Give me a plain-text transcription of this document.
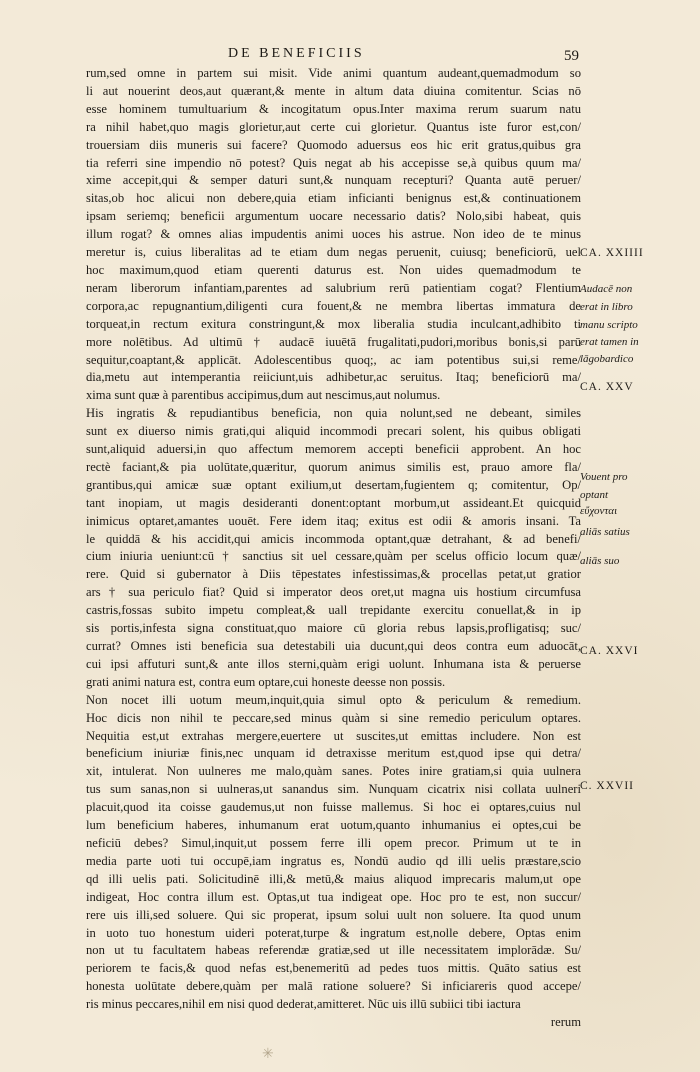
DE BENEFICIIS	59
rum,sed omne in partem sui misit. Vide animi quantum audeant,quemadmodum so
li aut nouerint deos,aut quærant,& mente in altum data diuina comitentur. Scias nō
esse hominem tumultuarium & incogitatum opus.Inter maxima rerum suarum natu
ra nihil habet,quo magis glorietur,aut certe cui glorietur. Quantus iste furor est,con/
trouersiam diis muneris sui facere? Quomodo aduersus eos hic erit gratus,quibus gra
tia referri sine impendio nō potest? Quis negat ab his accepisse se,à quibus quum ma/
xime accepit,qui & semper daturi sunt,& nunquam recepturi? Quanta autē peruer/
sitas,ob hoc alicui non debere,quia etiam inficianti benignus est,& continuationem
ipsam seriemq; beneficii argumentum uocare necessario datis? Nolo,sibi habeat, quis
illum rogat? & omnes alias impudentis animi uoces his astrue. Non ideo de te minus
meretur is, cuius liberalitas ad te etiam dum negas peruenit, cuiusq; beneficiorū, uel
hoc maximum,quod etiam querenti daturus est. Non uides quemadmodum te
neram liberorum infantiam,parentes ad salubrium rerū patientiam cogat? Flentium
corpora,ac repugnantium,diligenti cura fouent,& ne membra libertas immatura de
torqueat,in rectum exitura constringunt,& mox liberalia studia inculcant,adhibito ti
more nolētibus. Ad ultimū † audacē iuuētā frugalitati,pudori,moribus bonis,si parū
sequitur,coaptant,& applicāt. Adolescentibus quoq;, ac iam potentibus sui,si reme/
dia,metu aut intemperantia reiiciunt,uis adhibetur,ac seruitus. Itaq; beneficiorū ma/
xima sunt quæ à parentibus accipimus,dum aut nescimus,aut nolumus.
His ingratis & repudiantibus beneficia, non quia nolunt,sed ne debeant, similes
sunt ex diuerso nimis grati,qui aliquid incommodi precari solent, his quibus obligati
sunt,aliquid aduersi,in quo affectum memorem accepti beneficii approbent. An hoc
rectè faciant,& pia uolūtate,quæritur, quorum animus similis est, prauo amore fla/
grantibus,qui amicæ suæ optant exilium,ut desertam,fugientem q; comitentur, Op/
tant inopiam, ut magis desideranti donent:optant morbum,ut assideant.Et quicquid
inimicus optaret,amantes uouēt. Fere idem itaq; exitus est odii & amoris insani. Ta
le quiddā & his accidit,qui amicis incommoda optant,quæ detrahant, & ad benefi/
cium iniuria ueniunt:cū † sanctius sit uel cessare,quàm per scelus officio locum quæ/
rere. Quid si gubernator à Diis tēpestates infestissimas,& procellas petat,ut gratior
ars † sua periculo fiat? Quid si imperator deos oret,ut magna uis hostium circumfusa
castris,fossas subito impetu compleat,& uall trepidante exercitu conuellat,& in ip
sis portis,infesta signa constituat,quo maiore cū gloria rebus lapsis,profligatisq; suc/
currat? Omnes isti beneficia sua detestabili uia ducunt,qui deos contra eum aduocāt,
cui ipsi affuturi sunt,& ante illos sterni,quàm erigi uolunt. Inhumana ista & peruerse
grati animi natura est, contra eum optare,cui honeste deesse non possis.
Non nocet illi uotum meum,inquit,quia simul opto & periculum & remedium.
Hoc dicis non nihil te peccare,sed minus quàm si sine remedio periculum optares.
Nequitia est,ut extrahas mergere,euertere ut suscites,ut emittas includere. Non est
beneficium iniuriæ finis,nec unquam id detraxisse meritum est,quod ipse qui detra/
xit, intulerat. Non uulneres me malo,quàm sanes. Potes inire gratiam,si quia uulnera
tus sum sanas,non si uulneras,ut sanandus sim. Nunquam cicatrix nisi collata uulneri
placuit,quod ita coisse gaudemus,ut non fuisse mallemus. Si hoc ei optares,cuius nul
lum beneficium haberes, inhumanum erat uotum,quanto inhumanius ei optes,cui be
neficiū debes? Simul,inquit,ut possem ferre illi opem precor. Primum ut te in
media parte uoti tui occupē,iam ingratus es, Nondū audio qd illi uelis præstare,scio
qd illi uelis pati. Solicitudinē illi,& metū,& maius aliquod imprecaris malum,ut ope
indigeat, Hoc contra illum est. Optas,ut tua indigeat ope. Hoc pro te est, non succur/
rere uis illi,sed soluere. Qui sic properat, ipsum solui uult non soluere. Ita quod unum
in uoto tuo honestum uideri poterat,turpe & ingratum est,nolle debere, Optas enim
non ut tu facultatem habeas referendæ gratiæ,sed ut ille necessitatem implorādæ. Su/
periorem te facis,& quod nefas est,benemeritū ad pedes tuos mittis. Quāto satius est
honesta uolūtate debere,quàm per malā ratione soluere? Si inficiareris quod accepe/
ris minus peccares,nihil em nisi quod dederat,amitteret. Nūc uis illū subiici tibi iactura
rerum
CA. XXIIII
Audacē non
erat in libro
manu scripto
erat tamen in
lāgobardico
CA. XXV
Vouent pro
optant
εὔχονται
aliās satius
aliās suo
CA. XXVI
C. XXVII
✳
